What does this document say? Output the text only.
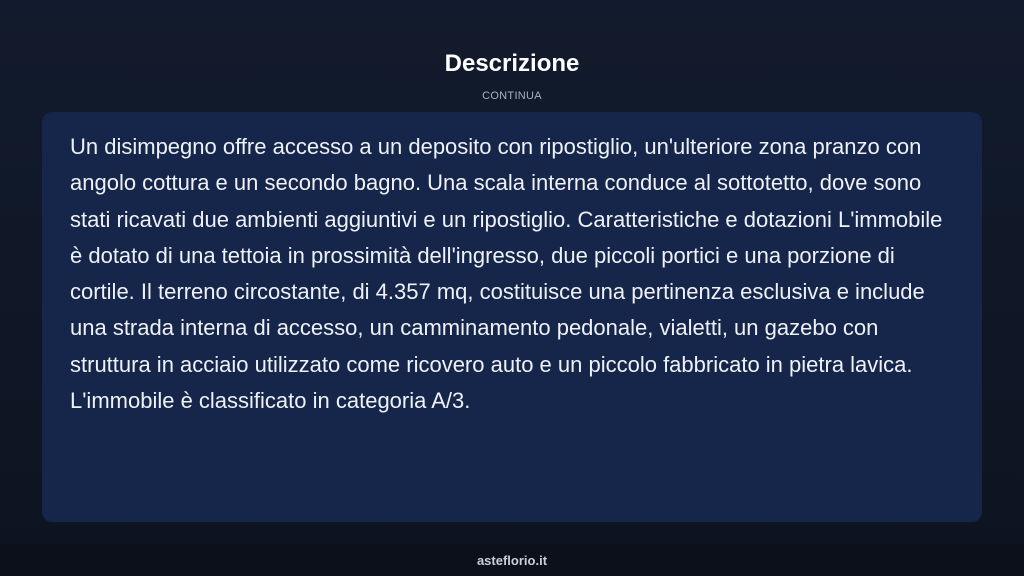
Descrizione
CONTINUA

Un disimpegno offre accesso a un deposito con ripostiglio, un'ulteriore zona pranzo con angolo cottura e un secondo bagno. Una scala interna conduce al sottotetto, dove sono stati ricavati due ambienti aggiuntivi e un ripostiglio. Caratteristiche e dotazioni L'immobile è dotato di una tettoia in prossimità dell'ingresso, due piccoli portici e una porzione di cortile. Il terreno circostante, di 4.357 mq, costituisce una pertinenza esclusiva e include una strada interna di accesso, un camminamento pedonale, vialetti, un gazebo con struttura in acciaio utilizzato come ricovero auto e un piccolo fabbricato in pietra lavica. L'immobile è classificato in categoria A/3.

asteflorio.it
